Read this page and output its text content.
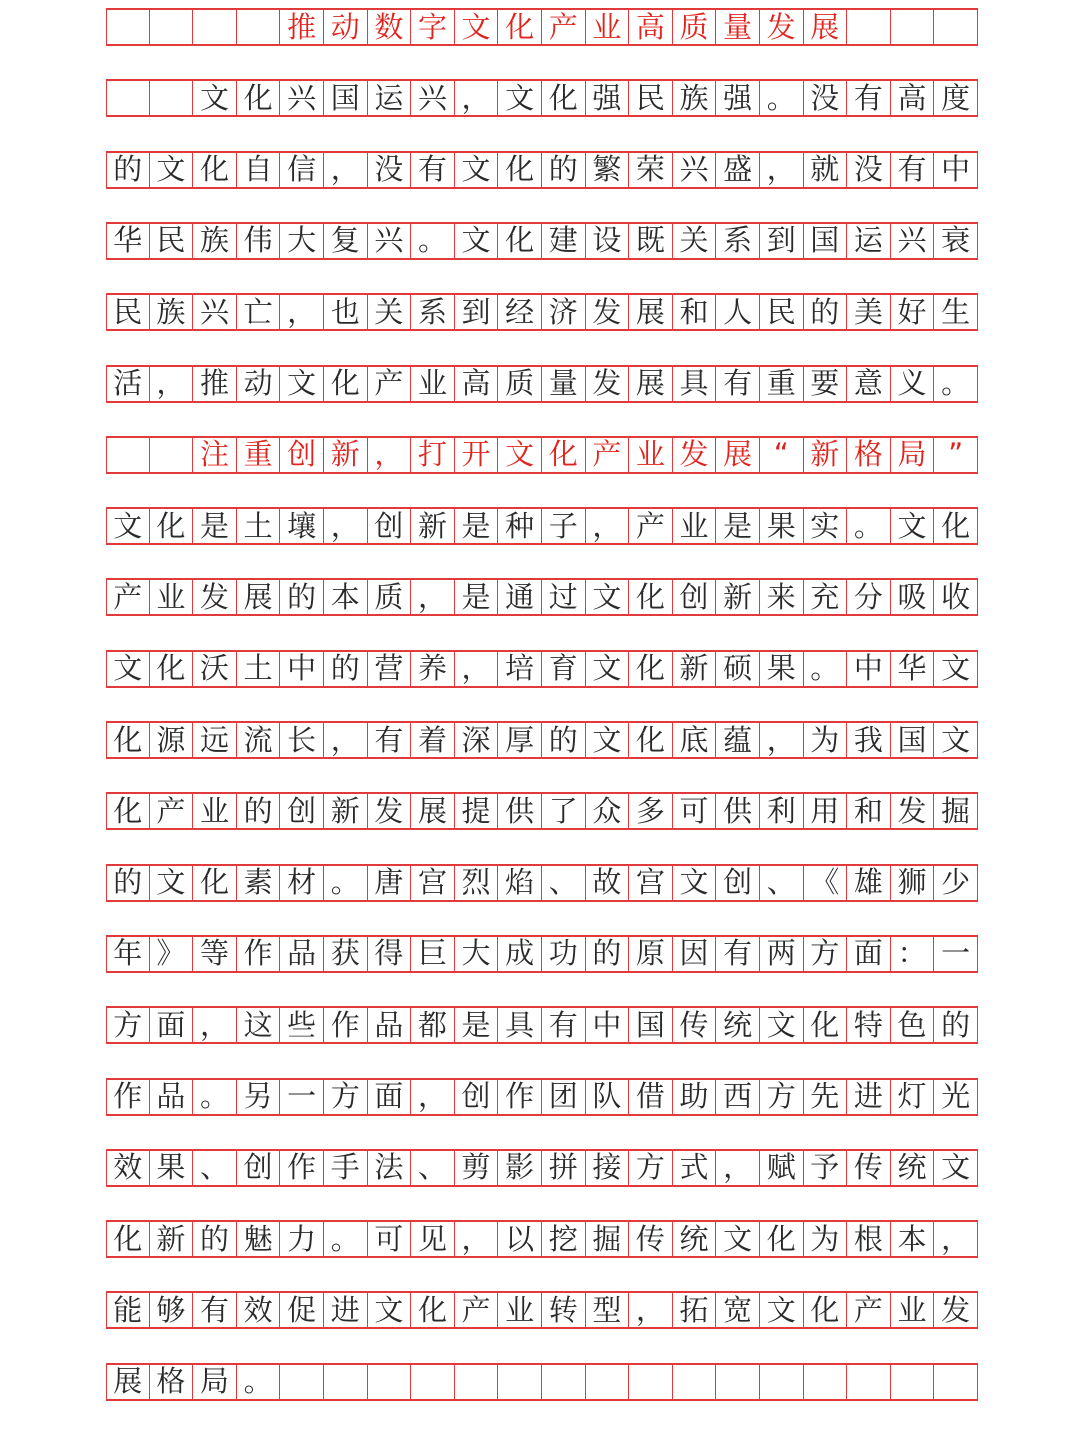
推 动 数 字 文 化 产 业 高 质 量 发 展
文 化 兴 国 运 兴 ， 文 化 强 民 族 强 。 没 有 高 度
的 文 化 自 信 ， 没 有 文 化 的 繁 荣 兴 盛 ， 就 没 有 中
华 民 族 伟 大 复 兴 。 文 化 建 设 既 关 系 到 国 运 兴 衰
民 族 兴 亡 ， 也 关 系 到 经 济 发 展 和 人 民 的 美 好 生
活 ， 推 动 文 化 产 业 高 质 量 发 展 具 有 重 要 意 义 。
注 重 创 新 ， 打 开 文 化 产 业 发 展 “ 新 格 局 ”
文 化 是 土 壤 ， 创 新 是 种 子 ， 产 业 是 果 实 。 文 化
产 业 发 展 的 本 质 ， 是 通 过 文 化 创 新 来 充 分 吸 收
文 化 沃 土 中 的 营 养 ， 培 育 文 化 新 硕 果 。 中 华 文
化 源 远 流 长 ， 有 着 深 厚 的 文 化 底 蕴 ， 为 我 国 文
化 产 业 的 创 新 发 展 提 供 了 众 多 可 供 利 用 和 发 掘
的 文 化 素 材 。 唐 宫 烈 焰 、 故 宫 文 创 、 《 雄 狮 少
年 》 等 作 品 获 得 巨 大 成 功 的 原 因 有 两 方 面 ： 一
方 面 ， 这 些 作 品 都 是 具 有 中 国 传 统 文 化 特 色 的
作 品 。 另 一 方 面 ， 创 作 团 队 借 助 西 方 先 进 灯 光
效 果 、 创 作 手 法 、 剪 影 拼 接 方 式 ， 赋 予 传 统 文
化 新 的 魅 力 。 可 见 ， 以 挖 掘 传 统 文 化 为 根 本 ，
能 够 有 效 促 进 文 化 产 业 转 型 ， 拓 宽 文 化 产 业 发
展 格 局 。
